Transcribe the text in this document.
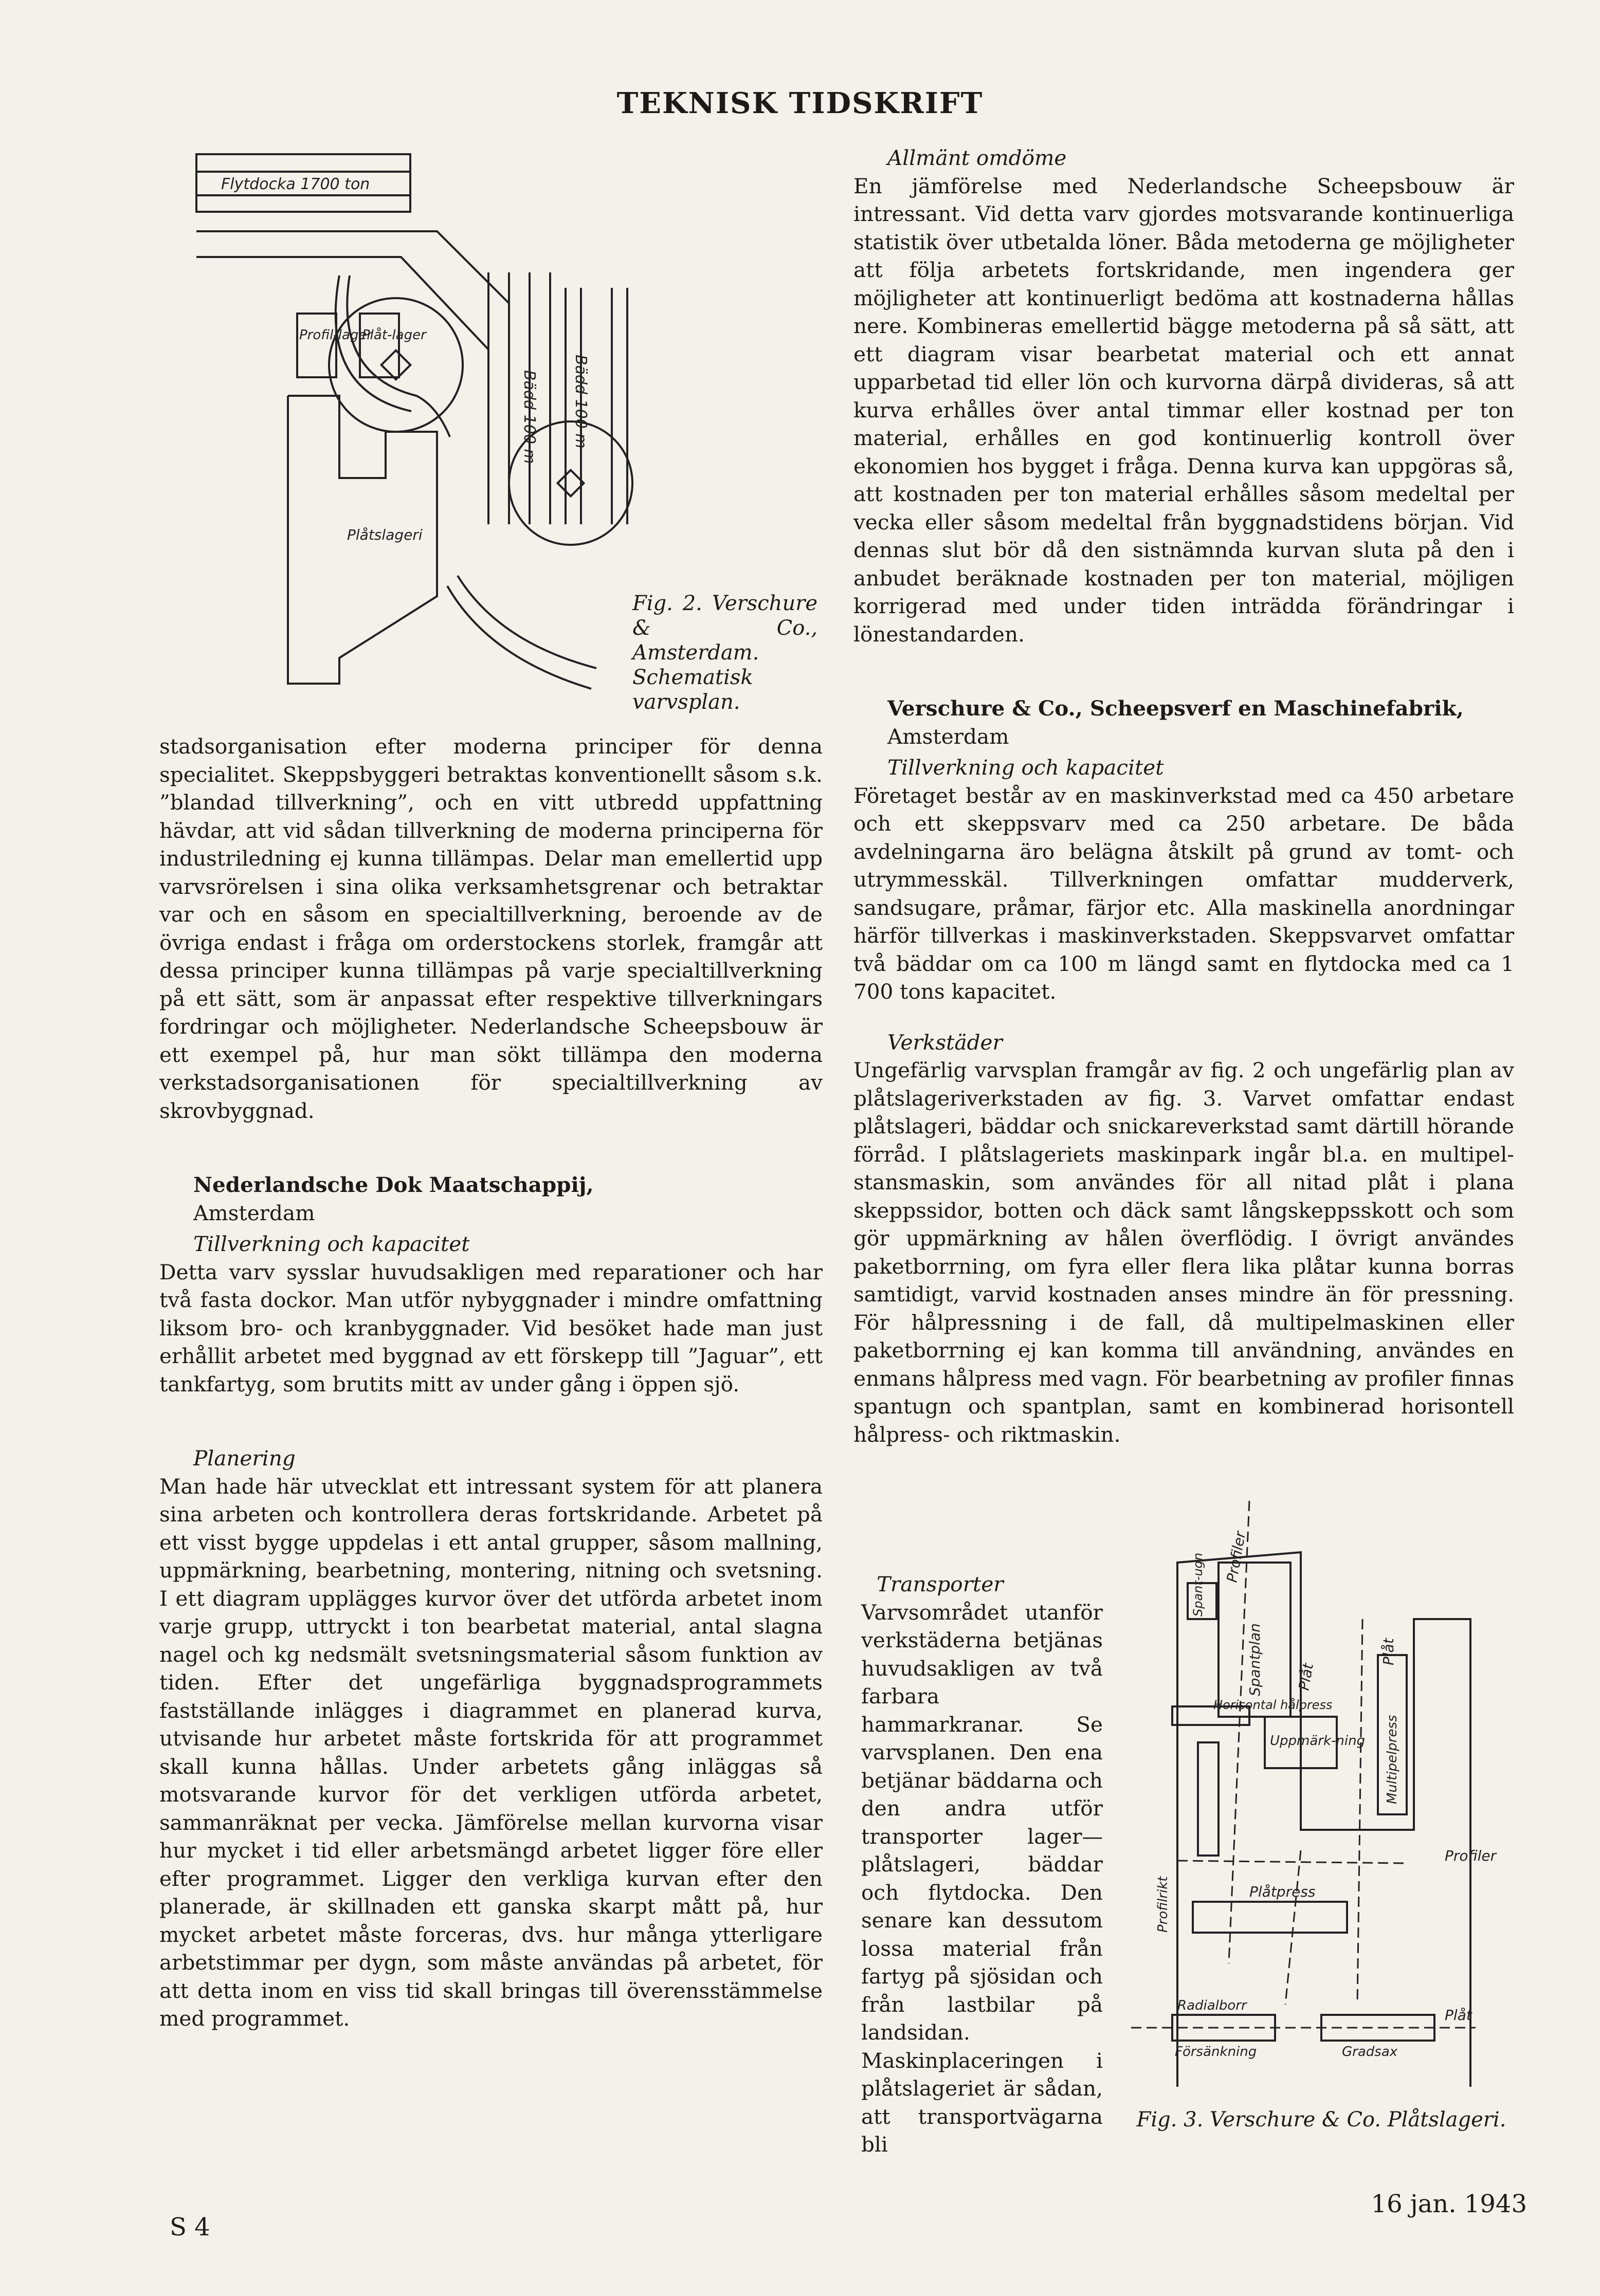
TEKNISK TIDSKRIFT
Flytdocka 1700 ton
Profil-lager
Plåt-lager
Bädd 100 m Bädd 100 m
Plåtslageri
Fig. 2. Verschure & Co., Amsterdam. Schematisk varvsplan.

stadsorganisation efter moderna principer för denna specialitet. Skeppsbyggeri betraktas konventionellt såsom s.k. ”blandad tillverkning”, och en vitt utbredd uppfattning hävdar, att vid sådan tillverkning de moderna principerna för industriledning ej kunna tillämpas. Delar man emellertid upp varvsrörelsen i sina olika verksamhetsgrenar och betraktar var och en såsom en specialtillverkning, beroende av de övriga endast i fråga om orderstockens storlek, framgår att dessa principer kunna tillämpas på varje specialtillverkning på ett sätt, som är anpassat efter respektive tillverkningars fordringar och möjligheter. Nederlandsche Scheepsbouw är ett exempel på, hur man sökt tillämpa den moderna verkstadsorganisationen för specialtillverkning av skrovbyggnad.

Nederlandsche Dok Maatschappij,

Amsterdam

Tillverkning och kapacitet

Detta varv sysslar huvudsakligen med reparationer och har två fasta dockor. Man utför nybyggnader i mindre omfattning liksom bro- och kranbyggnader. Vid besöket hade man just erhållit arbetet med byggnad av ett förskepp till ”Jaguar”, ett tankfartyg, som brutits mitt av under gång i öppen sjö.

Planering

Man hade här utvecklat ett intressant system för att planera sina arbeten och kontrollera deras fortskridande. Arbetet på ett visst bygge uppdelas i ett antal grupper, såsom mallning, uppmärkning, bearbetning, montering, nitning och svetsning. I ett diagram upplägges kurvor över det utförda arbetet inom varje grupp, uttryckt i ton bearbetat material, antal slagna nagel och kg nedsmält svetsningsmaterial såsom funktion av tiden. Efter det ungefärliga byggnadsprogrammets fastställande inlägges i diagrammet en planerad kurva, utvisande hur arbetet måste fortskrida för att programmet skall kunna hållas. Under arbetets gång inläggas så motsvarande kurvor för det verkligen utförda arbetet, sammanräknat per vecka. Jämförelse mellan kurvorna visar hur mycket i tid eller arbetsmängd arbetet ligger före eller efter programmet. Ligger den verkliga kurvan efter den planerade, är skillnaden ett ganska skarpt mått på, hur mycket arbetet måste forceras, dvs. hur många ytterligare arbetstimmar per dygn, som måste användas på arbetet, för att detta inom en viss tid skall bringas till överensstämmelse med programmet.

Allmänt omdöme

En jämförelse med Nederlandsche Scheepsbouw är intressant. Vid detta varv gjordes motsvarande kontinuerliga statistik över utbetalda löner. Båda metoderna ge möjligheter att följa arbetets fortskridande, men ingendera ger möjligheter att kontinuerligt bedöma att kostnaderna hållas nere. Kombineras emellertid bägge metoderna på så sätt, att ett diagram visar bearbetat material och ett annat upparbetad tid eller lön och kurvorna därpå divideras, så att kurva erhålles över antal timmar eller kostnad per ton material, erhålles en god kontinuerlig kontroll över ekonomien hos bygget i fråga. Denna kurva kan uppgöras så, att kostnaden per ton material erhålles såsom medeltal per vecka eller såsom medeltal från byggnadstidens början. Vid dennas slut bör då den sistnämnda kurvan sluta på den i anbudet beräknade kostnaden per ton material, möjligen korrigerad med under tiden inträdda förändringar i lönestandarden.

Verschure & Co., Scheepsverf en Maschinefabrik,

Amsterdam

Tillverkning och kapacitet

Företaget består av en maskinverkstad med ca 450 arbetare och ett skeppsvarv med ca 250 arbetare. De båda avdelningarna äro belägna åtskilt på grund av tomt- och utrymmesskäl. Tillverkningen omfattar mudderverk, sandsugare, pråmar, färjor etc. Alla maskinella anordningar härför tillverkas i maskinverkstaden. Skeppsvarvet omfattar två bäddar om ca 100 m längd samt en flytdocka med ca 1 700 tons kapacitet.

Verkstäder

Ungefärlig varvsplan framgår av fig. 2 och ungefärlig plan av plåtslageriverkstaden av fig. 3. Varvet omfattar endast plåtslageri, bäddar och snickareverkstad samt därtill hörande förråd. I plåtslageriets maskinpark ingår bl.a. en multipel-stansmaskin, som användes för all nitad plåt i plana skeppssidor, botten och däck samt långskeppsskott och som gör uppmärkning av hålen överflödig. I övrigt användes paketborrning, om fyra eller flera lika plåtar kunna borras samtidigt, varvid kostnaden anses mindre än för pressning. För hålpressning i de fall, då multipelmaskinen eller paketborrning ej kan komma till användning, användes en enmans hålpress med vagn. För bearbetning av profiler finnas spantugn och spantplan, samt en kombinerad horisontell hålpress- och riktmaskin.

Transporter

Varvsområdet utanför verkstäderna betjänas huvudsakligen av två farbara hammarkranar. Se varvsplanen. Den ena betjänar bäddarna och den andra utför transporter lager—plåtslageri, bäddar och flytdocka. Den senare kan dessutom lossa material från fartyg på sjösidan och från lastbilar på landsidan. Maskinplaceringen i plåtslageriet är sådan, att transportvägarna bli

Profiler
Spant-ugn
Spantplan Plåt
Plåt
Horisontal hålpress
Uppmärk-ning Multipelpress
Profilrikt
Profiler
Plåtpress
Radialborr
Plåt
Försänkning	Gradsax
Fig. 3. Verschure & Co. Plåtslageri.
S 4
16 jan. 1943
